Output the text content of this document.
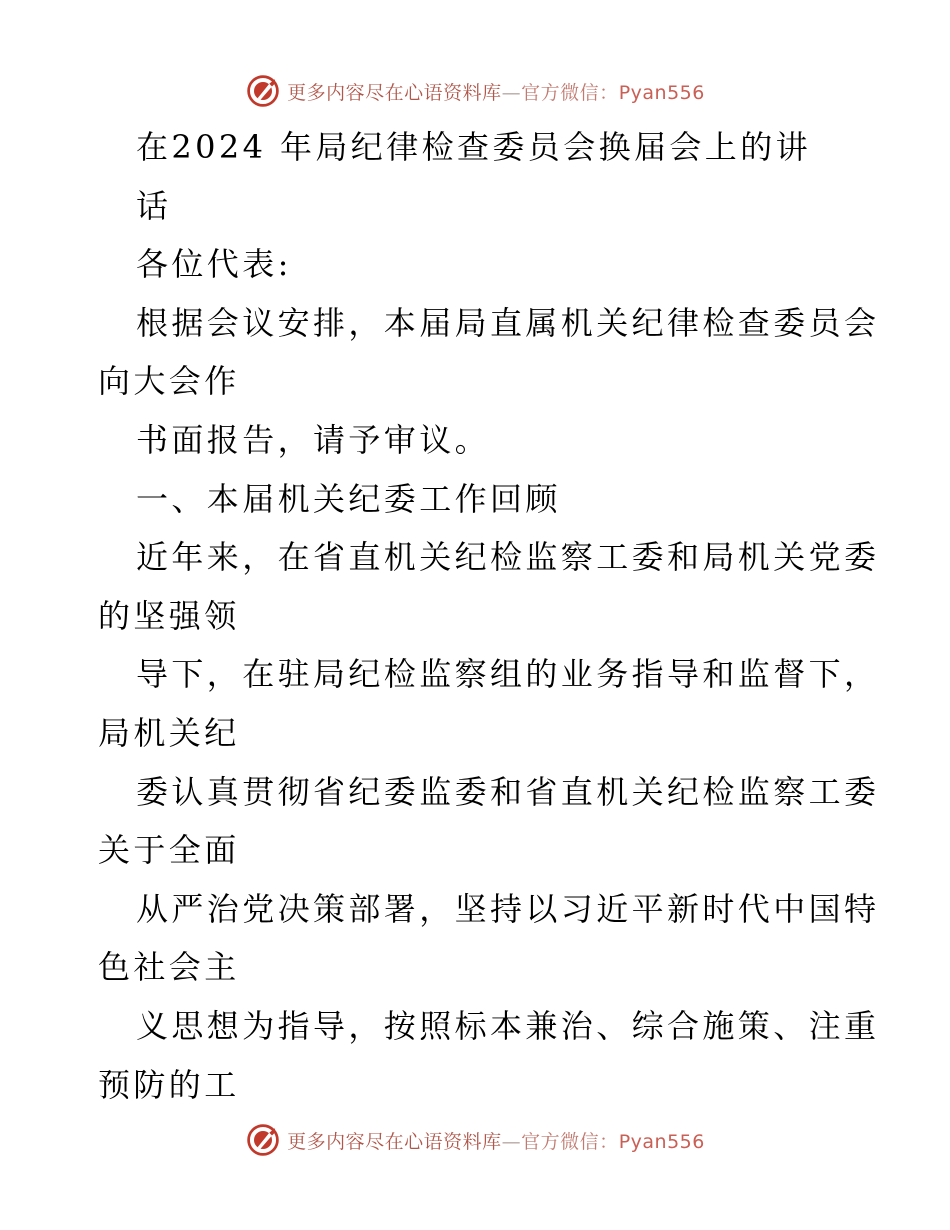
更多内容尽在心语资料库—官方微信：Pyan556
在2024 年局纪律检查委员会换届会上的讲
话
各位代表:
根据会议安排，本届局直属机关纪律检查委员会
向大会作
书面报告，请予审议。
一、本届机关纪委工作回顾
近年来，在省直机关纪检监察工委和局机关党委
的坚强领
导下，在驻局纪检监察组的业务指导和监督下，
局机关纪
委认真贯彻省纪委监委和省直机关纪检监察工委
关于全面
从严治党决策部署，坚持以习近平新时代中国特
色社会主
义思想为指导，按照标本兼治、综合施策、注重
预防的工
更多内容尽在心语资料库—官方微信：Pyan556
